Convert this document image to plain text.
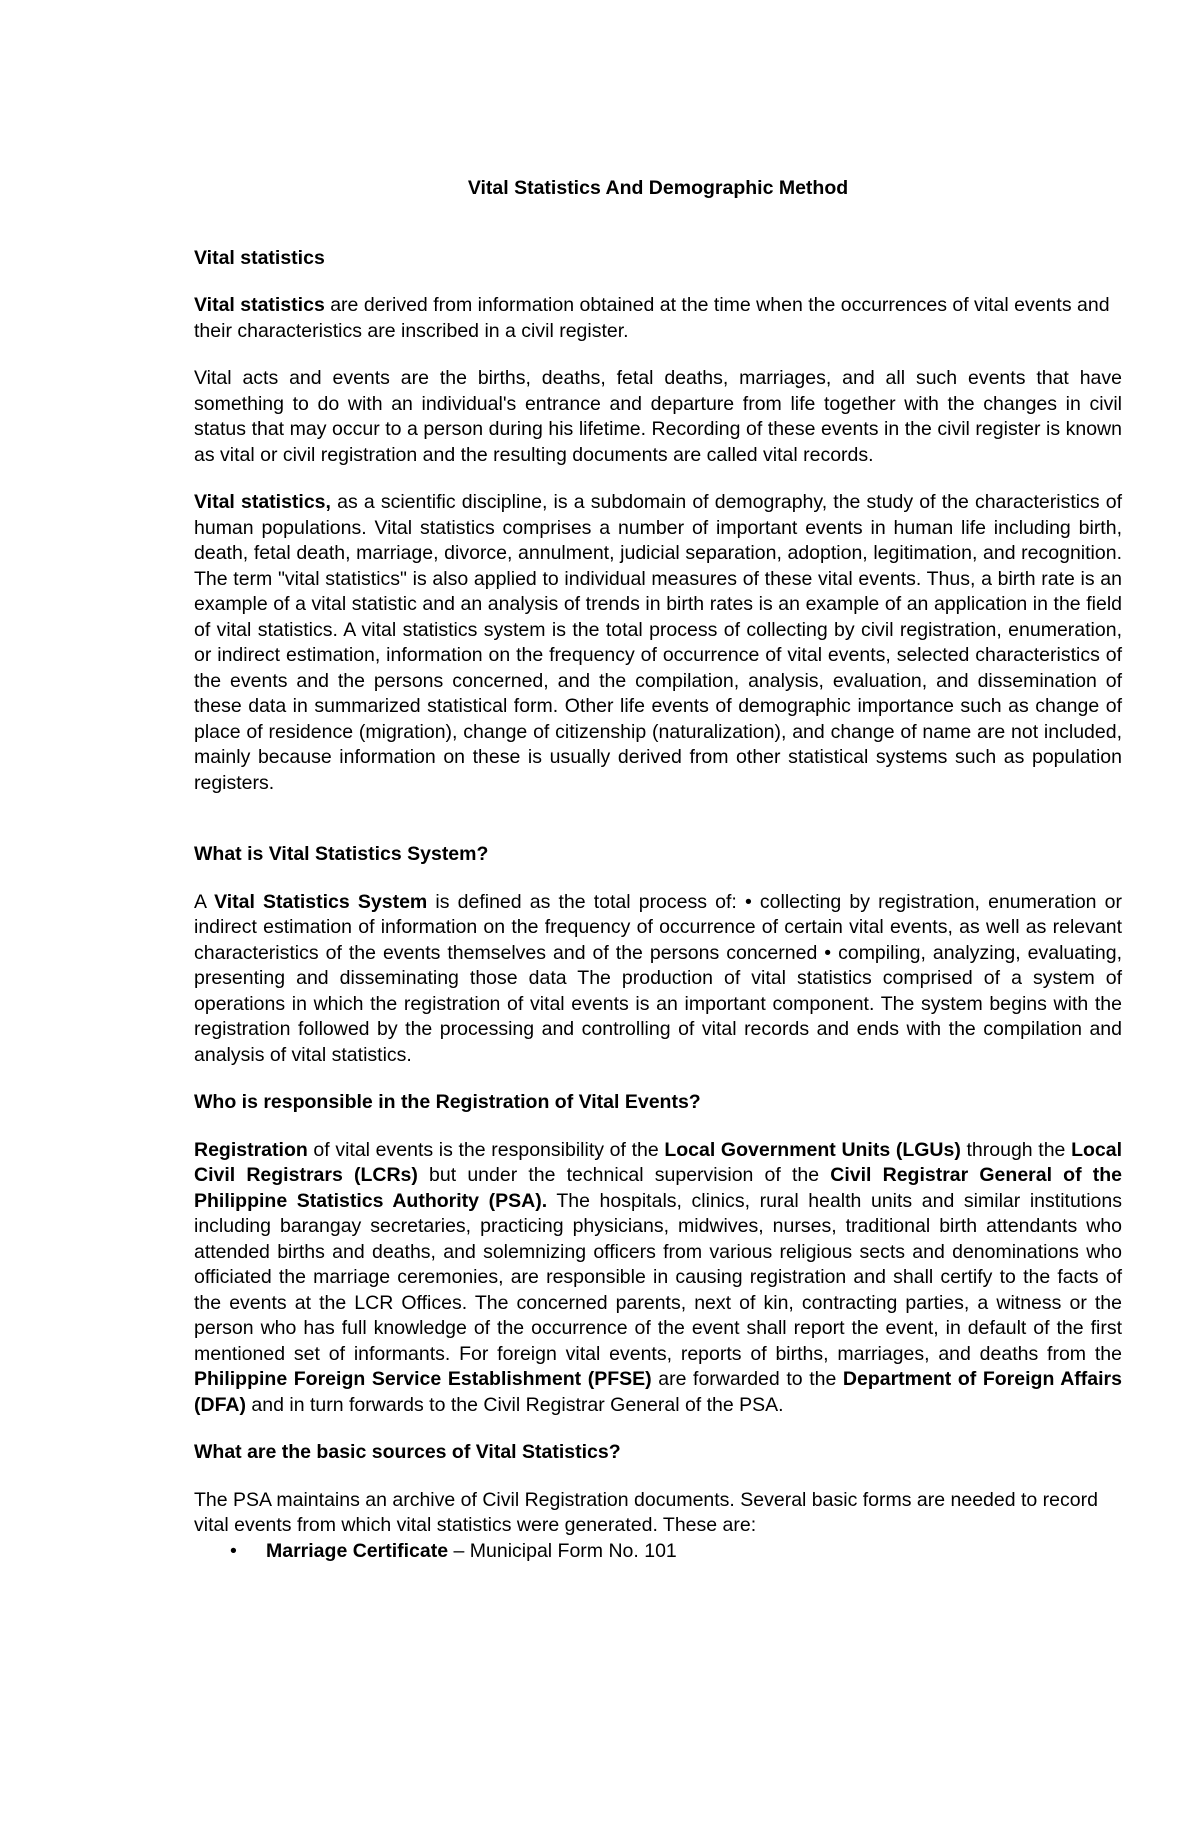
Vital Statistics And Demographic Method

Vital statistics

Vital statistics are derived from information obtained at the time when the occurrences of vital events and their characteristics are inscribed in a civil register.

Vital acts and events are the births, deaths, fetal deaths, marriages, and all such events that have something to do with an individual's entrance and departure from life together with the changes in civil status that may occur to a person during his lifetime. Recording of these events in the civil register is known as vital or civil registration and the resulting documents are called vital records.

Vital statistics, as a scientific discipline, is a subdomain of demography, the study of the characteristics of human populations. Vital statistics comprises a number of important events in human life including birth, death, fetal death, marriage, divorce, annulment, judicial separation, adoption, legitimation, and recognition. The term "vital statistics" is also applied to individual measures of these vital events. Thus, a birth rate is an example of a vital statistic and an analysis of trends in birth rates is an example of an application in the field of vital statistics. A vital statistics system is the total process of collecting by civil registration, enumeration, or indirect estimation, information on the frequency of occurrence of vital events, selected characteristics of the events and the persons concerned, and the compilation, analysis, evaluation, and dissemination of these data in summarized statistical form. Other life events of demographic importance such as change of place of residence (migration), change of citizenship (naturalization), and change of name are not included, mainly because information on these is usually derived from other statistical systems such as population registers.

What is Vital Statistics System?

A Vital Statistics System is defined as the total process of: • collecting by registration, enumeration or indirect estimation of information on the frequency of occurrence of certain vital events, as well as relevant characteristics of the events themselves and of the persons concerned • compiling, analyzing, evaluating, presenting and disseminating those data The production of vital statistics comprised of a system of operations in which the registration of vital events is an important component. The system begins with the registration followed by the processing and controlling of vital records and ends with the compilation and analysis of vital statistics.

Who is responsible in the Registration of Vital Events?

Registration of vital events is the responsibility of the Local Government Units (LGUs) through the Local Civil Registrars (LCRs) but under the technical supervision of the Civil Registrar General of the Philippine Statistics Authority (PSA). The hospitals, clinics, rural health units and similar institutions including barangay secretaries, practicing physicians, midwives, nurses, traditional birth attendants who attended births and deaths, and solemnizing officers from various religious sects and denominations who officiated the marriage ceremonies, are responsible in causing registration and shall certify to the facts of the events at the LCR Offices. The concerned parents, next of kin, contracting parties, a witness or the person who has full knowledge of the occurrence of the event shall report the event, in default of the first mentioned set of informants. For foreign vital events, reports of births, marriages, and deaths from the Philippine Foreign Service Establishment (PFSE) are forwarded to the Department of Foreign Affairs (DFA) and in turn forwards to the Civil Registrar General of the PSA.

What are the basic sources of Vital Statistics?

The PSA maintains an archive of Civil Registration documents. Several basic forms are needed to record vital events from which vital statistics were generated. These are:

• Marriage Certificate – Municipal Form No. 101
